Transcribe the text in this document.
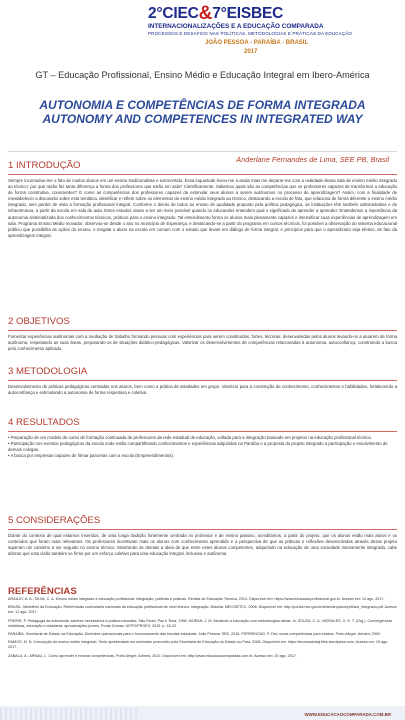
2°CIEC&7°EISBEC
INTERNACIONALIZAÇÕES E A EDUCAÇÃO COMPARADA
PROCESSOS E DESAFIOS NAS POLÍTICAS, METODOLOGIAS E PRÁTICAS DA EDUCAÇÃO
JOÃO PESSOA - PARAÍBA - BRASIL
2017
GT – Educação Profissional, Ensino Médio e Educação Integral em Ibero-América
AUTONOMIA E COMPETÊNCIAS DE FORMA INTEGRADA
AUTONOMY AND COMPETENCES IN INTEGRATED WAY
Anderlane Fernandes de Lima, SEE PB, Brasil
1 INTRODUÇÃO

Sempre incomodou-me o fato de muitos alunos em um ensino tradicionalista e extrovertido. Essa inquietude levou-me a ainda mais me deparar-me com a realidade dessa sala de ensino médio integrado ao técnico: por que razão faz tanta diferença a forma dos professores que estão em sala? Cientificamente: Sabemos quais são as competências que os professores capazes de transformar a educação de forma construtiva, conscientes? E como as competências dos professores capazes de estimular seus alunos a serem autônomos no processo de aprendizagem? Assim, com a finalidade de reestabelecer a discussão sobre esta temática, identificar e refletir sobre os elementos do ensino médio integrado ao técnico, destacando a escola de fato, que relaciona de forma diferente o ensino médio integrado, sem perder de vista a formação profissional integral. Conforme o direito de todos ao ensino de qualidade proposto pela política pedagógica, as instituições têm também administrativa e de infraestrutura, a partir da escola em sala de aula. Estes estudos visam a ser um meio possível quando os educandos entendem qual o significado de aprender a aprender. Entendemos a importância da autonomia sistematizada dos conhecimentos técnicos, práticos para o ensino integrado. Tal entendimento forma os alunos mais plenamente capazes e intensificar suas experiências de aprendizagem em sala. Programa Ensino Médio Inovador, observou-se desde o ano no município de Esperança, e destacando-se a partir do programa em cursos técnicos, foi possível a observação do sistema educacional público que possibilita as ações do ensino, e resgata o aluno na escola em comum com o estudo que levam em diálogo de forma integral, e princípios para que o aprendizado seja efetivo, de fato da aprendizagem integral.

2 OBJETIVOS

Fomentar experiências autônomas com a mediação de trabalho formando pessoas com experiências para serem constituídas, fortes, técnicas, desenvolvidas pelos alunos levando-os a atuarem de forma autônoma, respeitando as suas áreas, preparando-os de situações didático-pedagógicas. Valorizar os desenvolvimentos de competências relacionadas à autonomia, autoconfiança, construindo a busca pelo conhecimento aplicado.

3 METODOLOGIA

Desenvolvimento de práticas pedagógicas centradas nos alunos, bem como a prática de atividades em grupo. Valorizar para a construção de conhecimento, conhecimentos e habilidades, fortalecendo a autoconfiança e estimulando a autonomia de forma respeitosa e coletiva.

4 RESULTADOS
• Preparação de um modelo de curso de formação continuada de professores da rede estadual de educação, voltada para a integração baseado em projetos na educação profissional técnica.
• Participação nos eventos pedagógicos da escola onde estão compartilhando conhecimentos e experiências adquiridas na Paraíba e a proposta do projeto integrado a participação e envolvimento de demais colegas.
• A busca por empresas capazes de firmar parcerias com a escola (Empreendimentos).
5 CONSIDERAÇÕES

Diante do contexto de qual estamos inseridos, de uma longa tradição fortemente centrada no professor e de ensino passivo, acreditamos, a partir do projeto, que os alunos estão mais ativos e os conteúdos que foram mais relevantes. Os professores incentivam mais os alunos com conhecimento aprendido e a perspectiva de que as práticas e reflexões desenvolvidas através desse projeto superam um caminho a ser seguido no ensino técnico. Mostrando às demais a ideia de que entre estes alunos competentes, adquirindo na educação de uma sociedade inteiramente integrada, cabe afirmar que esta visão também se firme por um esforço coletivo para uma educação integral, inclusiva e autônoma.

REFERÊNCIAS

ARAÚJO, A. A.; SILVA, C. A. Ensino médio integrado à educação profissional: integração, políticas e práticas. Revista de Educação Técnica, 2013. Disponível em: https://www.educacaoprofissional.gov.br. Acesso em: 10 ago. 2017.

BRASIL. Ministério da Educação. Referenciais curriculares nacionais da educação profissional de nível técnico: integração. Brasília: MEC/SETEC, 2008. Disponível em: http://portal.mec.gov.br/setec/arquivos/pdf/acs_integrado.pdf. Acesso em: 12 ago. 2017.

FREIRE, P. Pedagogia da autonomia: saberes necessários à prática educativa. São Paulo: Paz e Terra, 1996. MORAN, J. M. Mudando a educação com metodologias ativas. In: SOUZA, C. A.; MORALES, O. E. T. (Org.). Convergências midiáticas, educação e cidadania: aproximações jovens. Ponta Grossa: UEPG/PROEX, 2015. p. 15-33.

PARAÍBA. Secretaria de Estado da Educação. Diretrizes operacionais para o funcionamento das escolas estaduais. João Pessoa: SEE, 2016. PERRENOUD, P. Dez novas competências para ensinar. Porto Alegre: Artmed, 2000.

RAMOS, M. N. Concepção do ensino médio integrado. Texto apresentado em seminário promovido pela Secretaria de Educação do Estado do Pará, 2008. Disponível em: https://tecnicadmiwj.files.wordpress.com. Acesso em: 15 ago. 2017.

ZABALA, A.; ARNAU, L. Como aprender e ensinar competências. Porto Alegre: Artmed, 2010. Disponível em: http://www.educacaocomparada.com.br. Acesso em: 20 ago. 2017.

WWW.EDUCACAOCOMPARADA.COM.BR
